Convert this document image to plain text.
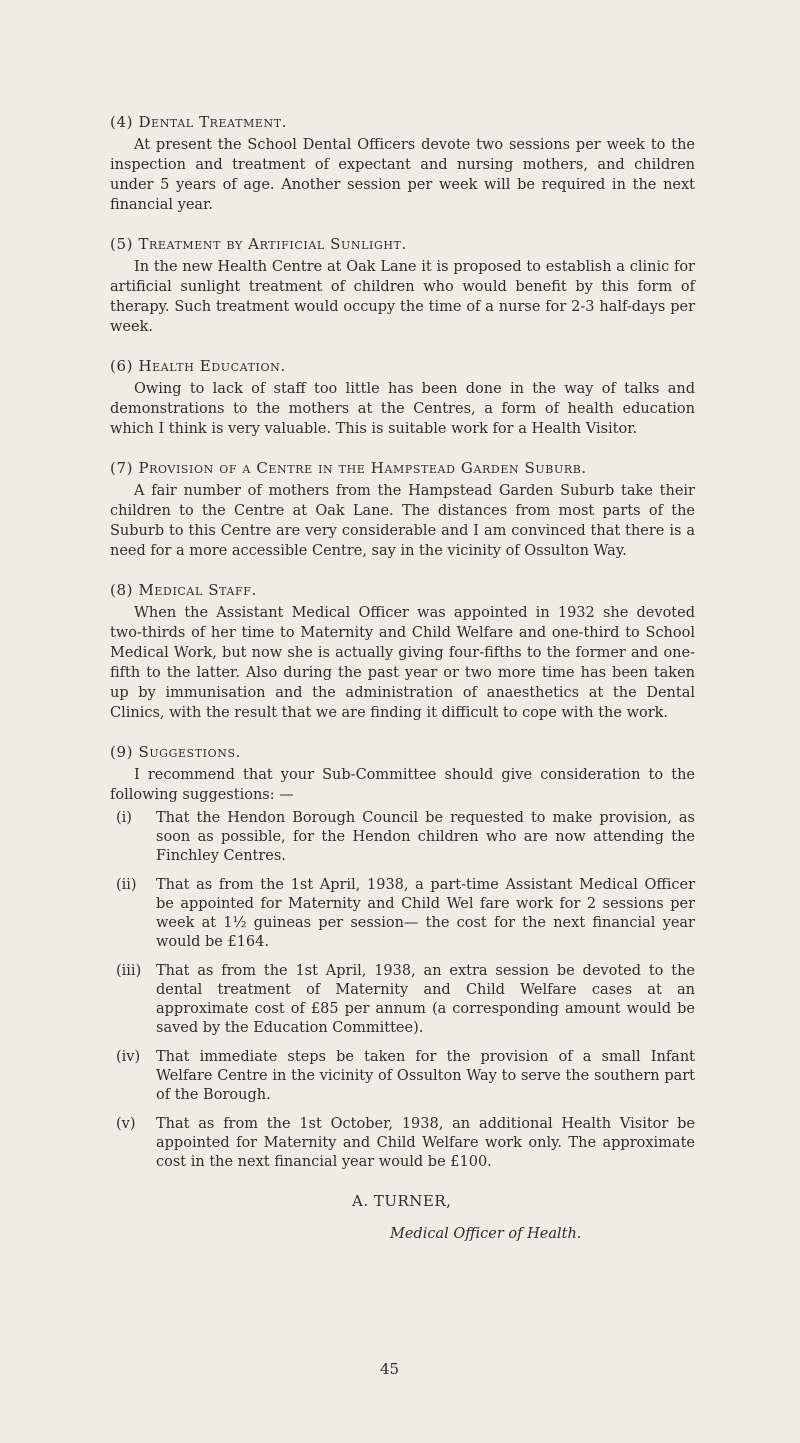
(4) Dental Treatment.

At present the School Dental Officers devote two sessions per week to the inspection and treatment of expectant and nursing mothers, and children under 5 years of age. Another session per week will be required in the next financial year.

(5) Treatment by Artificial Sunlight.

In the new Health Centre at Oak Lane it is proposed to establish a clinic for artificial sunlight treatment of children who would benefit by this form of therapy. Such treatment would occupy the time of a nurse for 2-3 half-days per week.

(6) Health Education.

Owing to lack of staff too little has been done in the way of talks and demonstrations to the mothers at the Centres, a form of health education which I think is very valuable. This is suitable work for a Health Visitor.

(7) Provision of a Centre in the Hampstead Garden Suburb.

A fair number of mothers from the Hampstead Garden Suburb take their children to the Centre at Oak Lane. The distances from most parts of the Suburb to this Centre are very considerable and I am convinced that there is a need for a more accessible Centre, say in the vicinity of Ossulton Way.

(8) Medical Staff.

When the Assistant Medical Officer was appointed in 1932 she devoted two-thirds of her time to Maternity and Child Welfare and one-third to School Medical Work, but now she is actually giving four-fifths to the former and one-fifth to the latter. Also during the past year or two more time has been taken up by immunisation and the administration of anaesthetics at the Dental Clinics, with the result that we are finding it difficult to cope with the work.

(9) Suggestions.

I recommend that your Sub-Committee should give consideration to the following suggestions: —

(i)	That the Hendon Borough Council be requested to make provision, as soon as possible, for the Hendon children who are now attending the Finchley Centres.
(ii)	That as from the 1st April, 1938, a part-time Assistant Medical Officer be appointed for Maternity and Child Wel fare work for 2 sessions per week at 1½ guineas per session— the cost for the next financial year would be £164.
(iii)	That as from the 1st April, 1938, an extra session be devoted to the dental treatment of Maternity and Child Welfare cases at an approximate cost of £85 per annum (a corresponding amount would be saved by the Education Committee).
(iv)	That immediate steps be taken for the provision of a small Infant Welfare Centre in the vicinity of Ossulton Way to serve the southern part of the Borough.
(v)	That as from the 1st October, 1938, an additional Health Visitor be appointed for Maternity and Child Welfare work only. The approximate cost in the next financial year would be £100.
A. TURNER,
Medical Officer of Health.
45
